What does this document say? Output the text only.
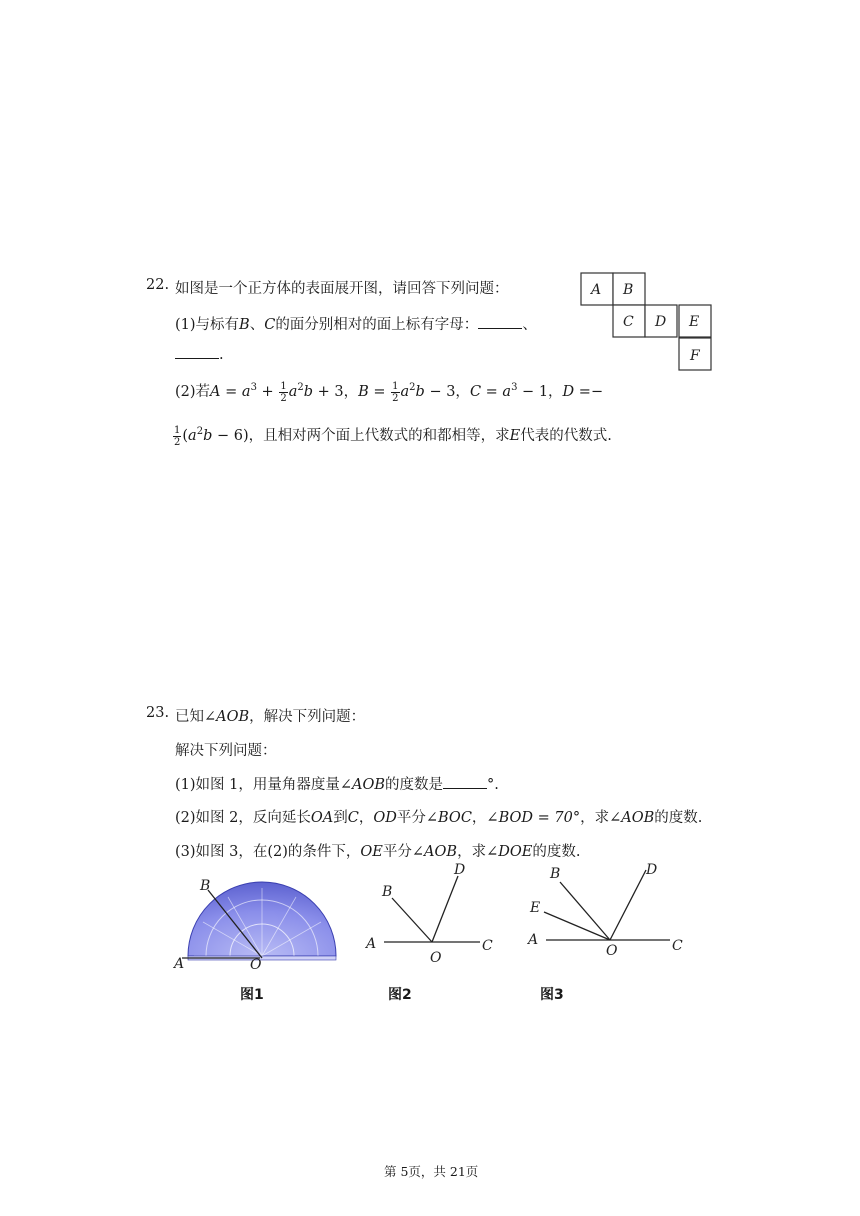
22. 如图是一个正方体的表面展开图，请回答下列问题：
(1)与标有B、C的面分别相对的面上标有字母：	、
.
(2)若$A = a^3 + \frac{1}{2} a^2b + 3$，$B = \frac{1}{2} a^2b - 3$，$C = a^3 - 1$，D =−
$\frac{1}{2} (a^2b - 6)$，且相对两个面上代数式的和都相等，求E代表的代数式.
A B
C D E
F
23. 已知∠AOB，解决下列问题：
解决下列问题：
(1)如图 1，用量角器度量∠AOB的度数是	°.
(2)如图 2，反向延长OA到C，OD平分∠BOC，∠BOD = 70°，求∠AOB的度数.
(3)如图 3，在(2)的条件下，OE平分∠AOB，求∠DOE的度数.
B
A	O
图1
B
D
A
O
C
图2
B	D
E
A
O	C
图3
第 5页，共 21页
